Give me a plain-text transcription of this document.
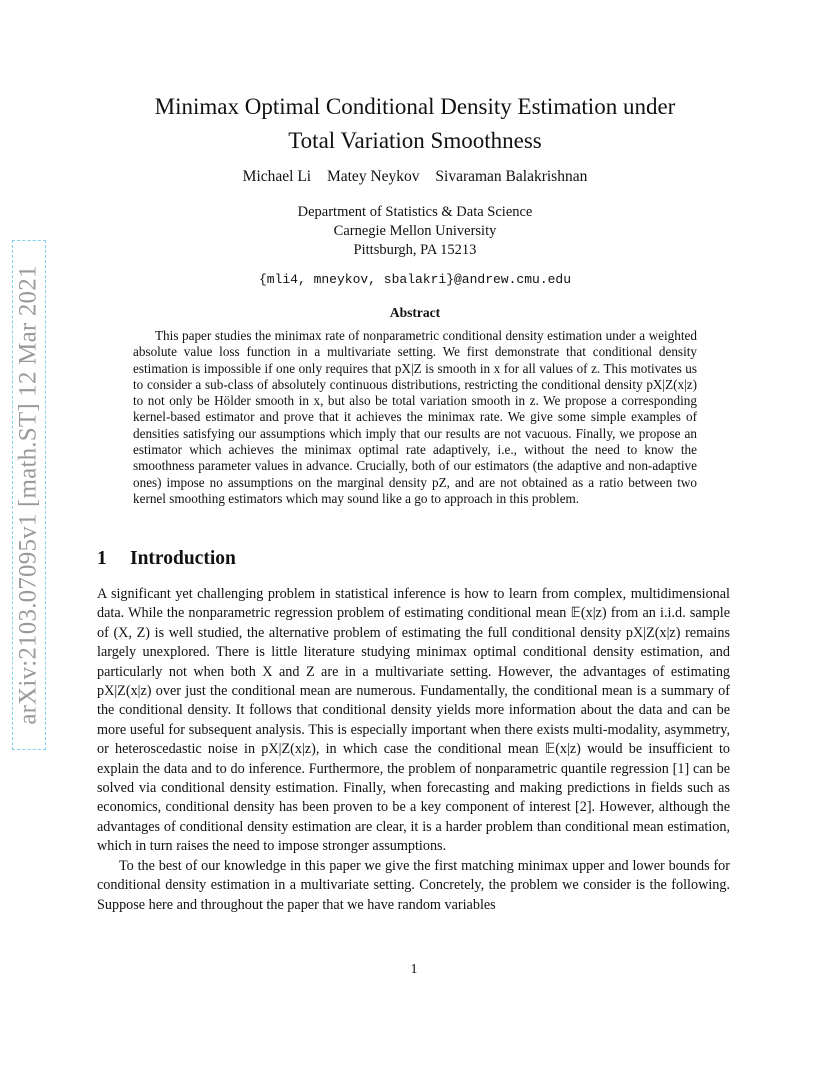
arXiv:2103.07095v1 [math.ST] 12 Mar 2021
Minimax Optimal Conditional Density Estimation under
Total Variation Smoothness
Michael Li Matey Neykov Sivaraman Balakrishnan
Department of Statistics & Data Science
Carnegie Mellon University
Pittsburgh, PA 15213
{mli4, mneykov, sbalakri}@andrew.cmu.edu
Abstract
This paper studies the minimax rate of nonparametric conditional density estimation under a weighted absolute value loss function in a multivariate setting. We first demonstrate that conditional density estimation is impossible if one only requires that pX|Z is smooth in x for all values of z. This motivates us to consider a sub-class of absolutely continuous distributions, restricting the conditional density pX|Z(x|z) to not only be Hölder smooth in x, but also be total variation smooth in z. We propose a corresponding kernel-based estimator and prove that it achieves the minimax rate. We give some simple examples of densities satisfying our assumptions which imply that our results are not vacuous. Finally, we propose an estimator which achieves the minimax optimal rate adaptively, i.e., without the need to know the smoothness parameter values in advance. Crucially, both of our estimators (the adaptive and non-adaptive ones) impose no assumptions on the marginal density pZ, and are not obtained as a ratio between two kernel smoothing estimators which may sound like a go to approach in this problem.
1 Introduction

A significant yet challenging problem in statistical inference is how to learn from complex, multidimensional data. While the nonparametric regression problem of estimating conditional mean 𝔼(x|z) from an i.i.d. sample of (X, Z) is well studied, the alternative problem of estimating the full conditional density pX|Z(x|z) remains largely unexplored. There is little literature studying minimax optimal conditional density estimation, and particularly not when both X and Z are in a multivariate setting. However, the advantages of estimating pX|Z(x|z) over just the conditional mean are numerous. Fundamentally, the conditional mean is a summary of the conditional density. It follows that conditional density yields more information about the data and can be more useful for subsequent analysis. This is especially important when there exists multi-modality, asymmetry, or heteroscedastic noise in pX|Z(x|z), in which case the conditional mean 𝔼(x|z) would be insufficient to explain the data and to do inference. Furthermore, the problem of nonparametric quantile regression [1] can be solved via conditional density estimation. Finally, when forecasting and making predictions in fields such as economics, conditional density has been proven to be a key component of interest [2]. However, although the advantages of conditional density estimation are clear, it is a harder problem than conditional mean estimation, which in turn raises the need to impose stronger assumptions.

To the best of our knowledge in this paper we give the first matching minimax upper and lower bounds for conditional density estimation in a multivariate setting. Concretely, the problem we consider is the following. Suppose here and throughout the paper that we have random variables

1
